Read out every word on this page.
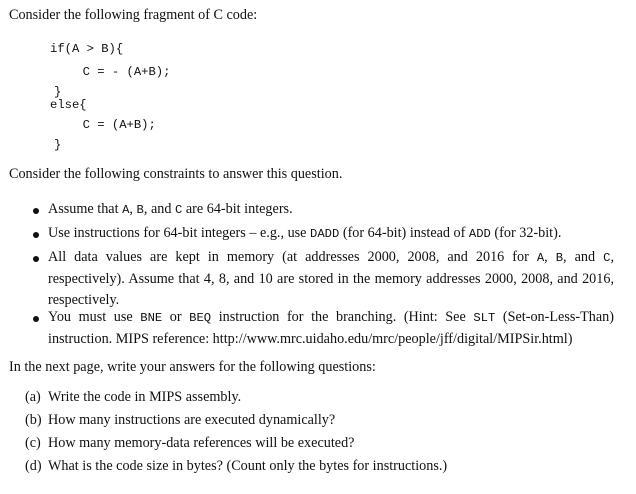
Consider the following fragment of C code:
if(A > B){
C = - (A+B);
}
else{
C = (A+B);
}
Consider the following constraints to answer this question.
Assume that A, B, and C are 64-bit integers.
Use instructions for 64-bit integers – e.g., use DADD (for 64-bit) instead of ADD (for 32-bit).
All data values are kept in memory (at addresses 2000, 2008, and 2016 for A, B, and C, respectively). Assume that 4, 8, and 10 are stored in the memory addresses 2000, 2008, and 2016, respectively.
You must use BNE or BEQ instruction for the branching. (Hint: See SLT (Set-on-Less-Than) instruction. MIPS reference: http://www.mrc.uidaho.edu/mrc/people/jff/digital/MIPSir.html)
In the next page, write your answers for the following questions:
(a) Write the code in MIPS assembly.
(b) How many instructions are executed dynamically?
(c) How many memory-data references will be executed?
(d) What is the code size in bytes? (Count only the bytes for instructions.)
